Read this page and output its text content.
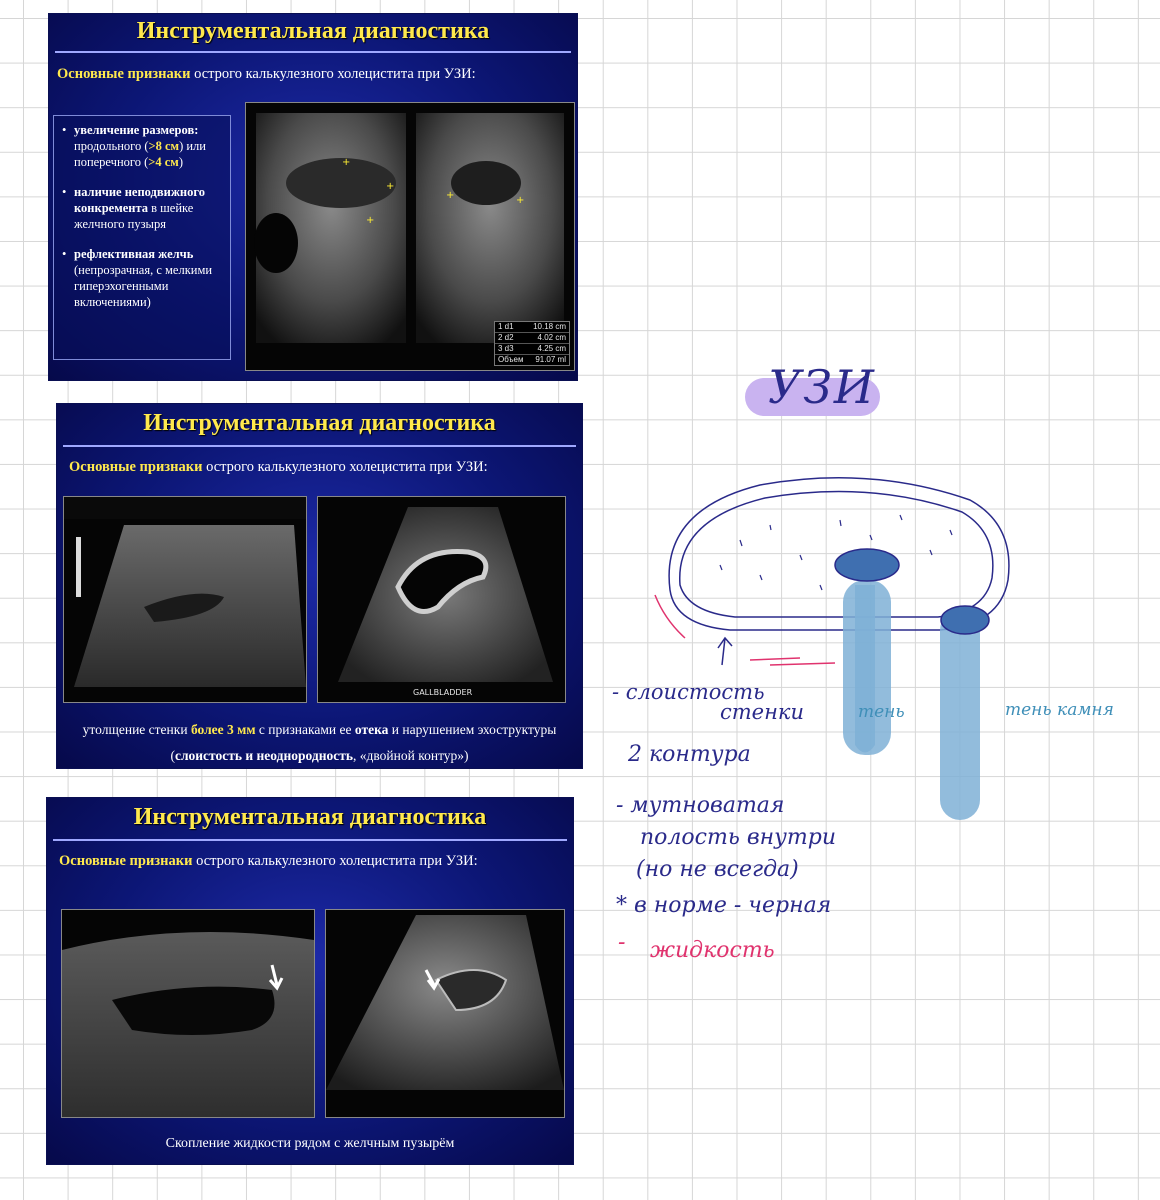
Инструментальная диагностика
Основные признаки острого калькулезного холецистита при УЗИ:
• увеличение размеров:
продольного (>8 см) или поперечного (>4 см)
• наличие неподвижного конкремента в шейке желчного пузыря
• рефлективная желчь (непрозрачная, с мелкими гиперэхогенными включениями)
+
+
+	+
+
1 d1 10.18 cm
2 d2	4.02 cm
3 d3	4.25 cm
Объем 91.07 ml
Инструментальная диагностика
Основные признаки острого калькулезного холецистита при УЗИ:
GALLBLADDER
утолщение стенки более 3 мм с признаками ее отека и нарушением эхоструктуры
(слоистость и неоднородность, «двойной контур»)
Инструментальная диагностика
Основные признаки острого калькулезного холецистита при УЗИ:
Скопление жидкости рядом с желчным пузырём
УЗИ
- слоистость
стенки	тень	тень камня
2 контура
- мутноватая
полость внутри
(но не всегда)
* в норме - черная
- жидкость
